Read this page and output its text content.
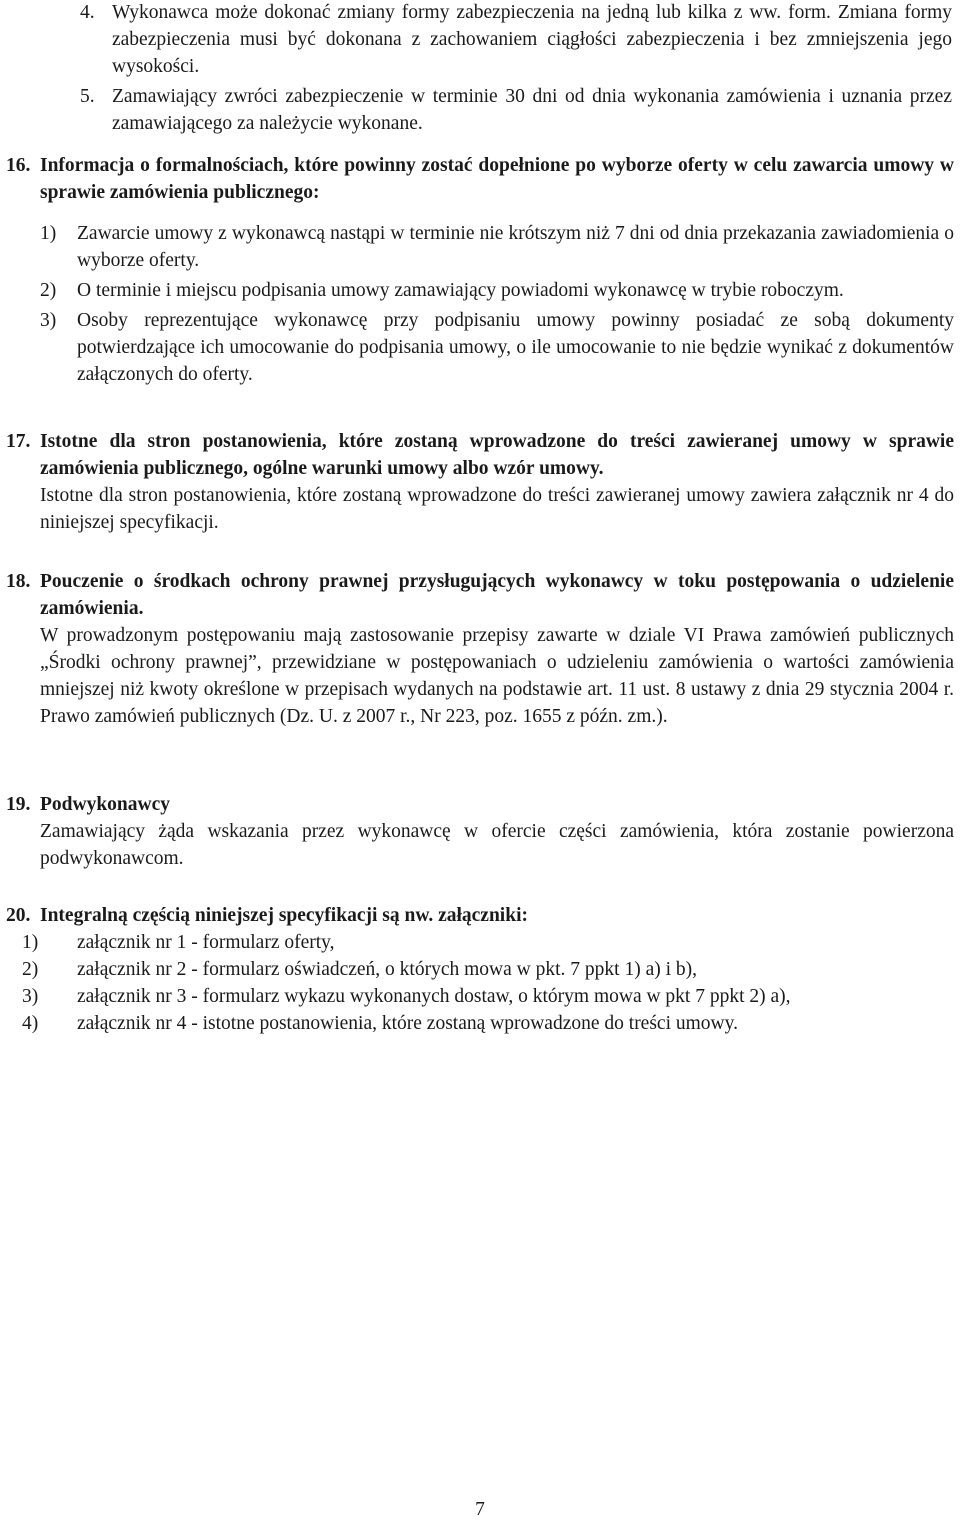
4. Wykonawca może dokonać zmiany formy zabezpieczenia na jedną lub kilka z ww. form. Zmiana formy zabezpieczenia musi być dokonana z zachowaniem ciągłości zabezpieczenia i bez zmniejszenia jego wysokości.
5. Zamawiający zwróci zabezpieczenie w terminie 30 dni od dnia wykonania zamówienia i uznania przez zamawiającego za należycie wykonane.
16. Informacja o formalnościach, które powinny zostać dopełnione po wyborze oferty w celu zawarcia umowy w sprawie zamówienia publicznego:
1) Zawarcie umowy z wykonawcą nastąpi w terminie nie krótszym niż 7 dni od dnia przekazania zawiadomienia o wyborze oferty.
2) O terminie i miejscu podpisania umowy zamawiający powiadomi wykonawcę w trybie roboczym.
3) Osoby reprezentujące wykonawcę przy podpisaniu umowy powinny posiadać ze sobą dokumenty potwierdzające ich umocowanie do podpisania umowy, o ile umocowanie to nie będzie wynikać z dokumentów załączonych do oferty.
17. Istotne dla stron postanowienia, które zostaną wprowadzone do treści zawieranej umowy w sprawie zamówienia publicznego, ogólne warunki umowy albo wzór umowy.
Istotne dla stron postanowienia, które zostaną wprowadzone do treści zawieranej umowy zawiera załącznik nr 4 do niniejszej specyfikacji.
18. Pouczenie o środkach ochrony prawnej przysługujących wykonawcy w toku postępowania o udzielenie zamówienia.
W prowadzonym postępowaniu mają zastosowanie przepisy zawarte w dziale VI Prawa zamówień publicznych „Środki ochrony prawnej”, przewidziane w postępowaniach o udzieleniu zamówienia o wartości zamówienia mniejszej niż kwoty określone w przepisach wydanych na podstawie art. 11 ust. 8 ustawy z dnia 29 stycznia 2004 r. Prawo zamówień publicznych (Dz. U. z 2007 r., Nr 223, poz. 1655 z późn. zm.).
19. Podwykonawcy
Zamawiający żąda wskazania przez wykonawcę w ofercie części zamówienia, która zostanie powierzona podwykonawcom.
20. Integralną częścią niniejszej specyfikacji są nw. załączniki:
1) załącznik nr 1 - formularz oferty,
2) załącznik nr 2 - formularz oświadczeń, o których mowa w pkt. 7 ppkt 1) a) i b),
3) załącznik nr 3 - formularz wykazu wykonanych dostaw, o którym mowa w pkt 7 ppkt 2) a),
4) załącznik nr 4 - istotne postanowienia, które zostaną wprowadzone do treści umowy.
7
